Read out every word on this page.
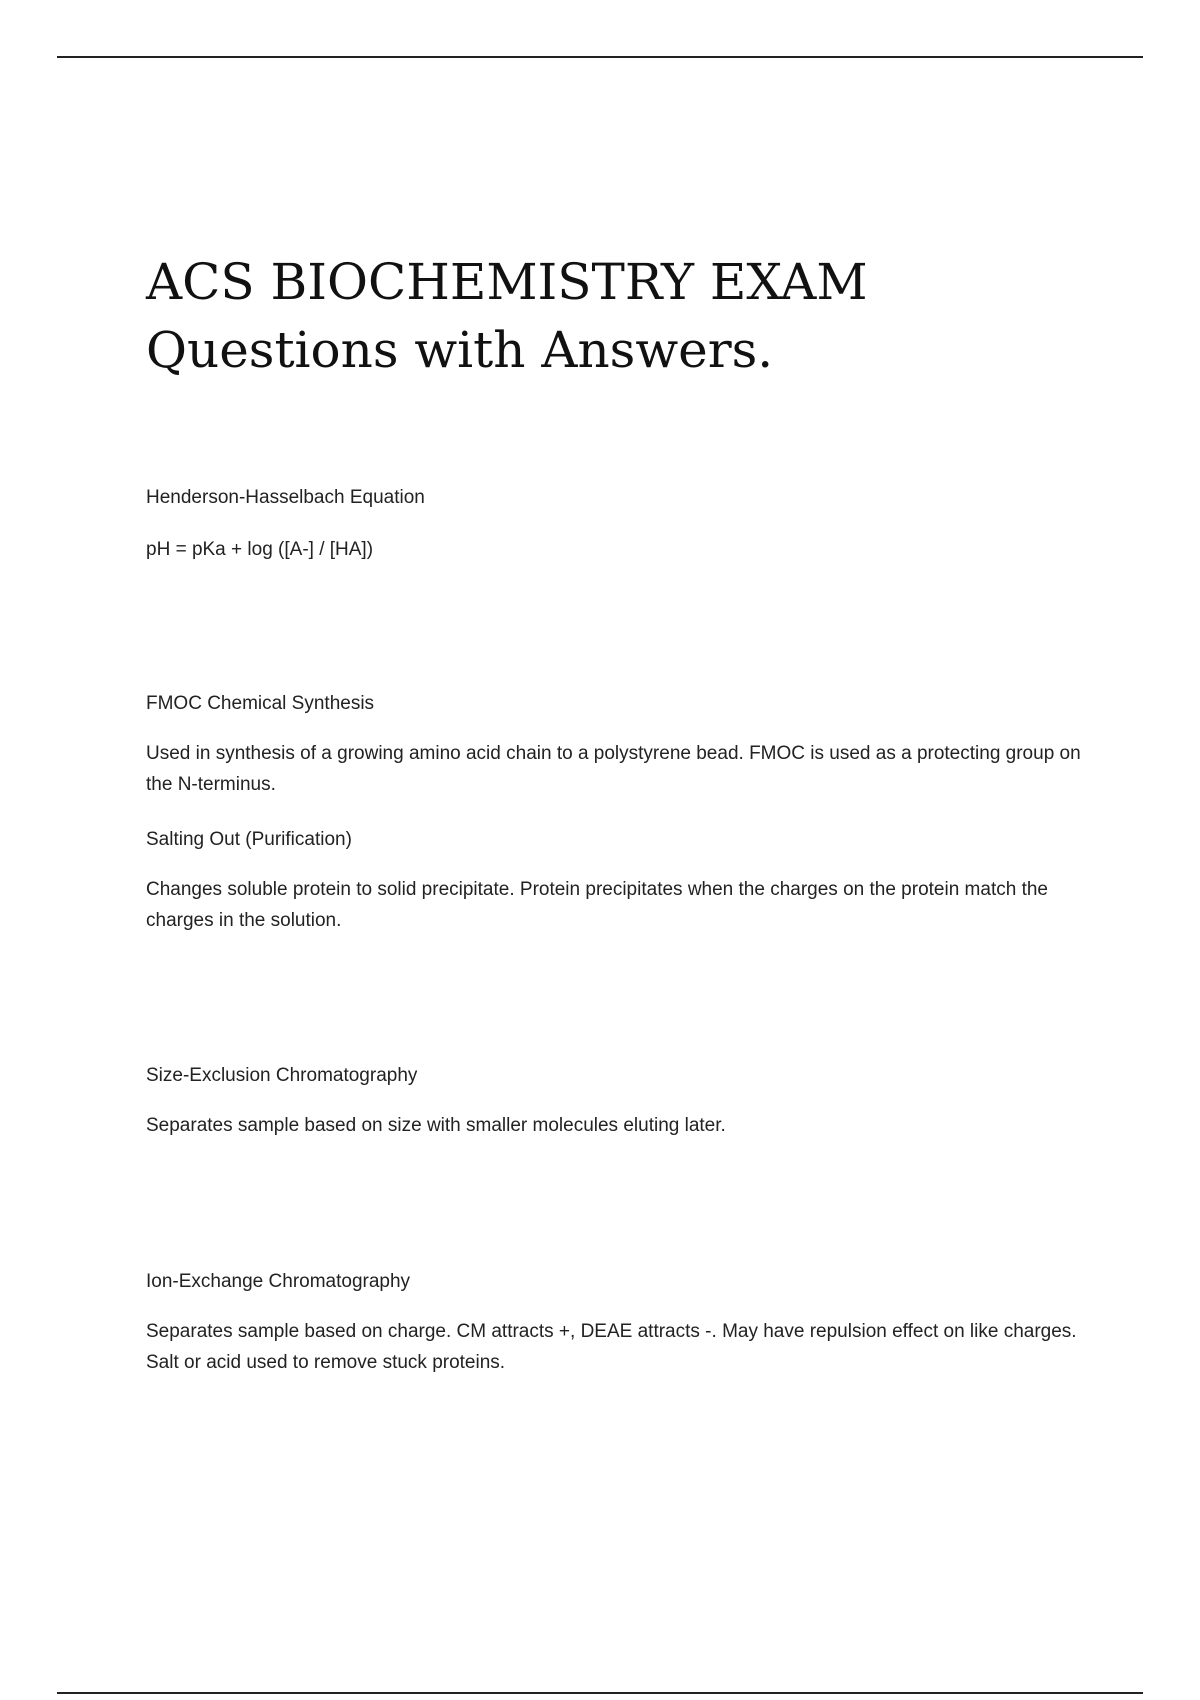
ACS BIOCHEMISTRY EXAM Questions with Answers.

Henderson-Hasselbach Equation

pH = pKa + log ([A-] / [HA])

FMOC Chemical Synthesis

Used in synthesis of a growing amino acid chain to a polystyrene bead. FMOC is used as a protecting group on the N-terminus.

Salting Out (Purification)

Changes soluble protein to solid precipitate. Protein precipitates when the charges on the protein match the charges in the solution.

Size-Exclusion Chromatography

Separates sample based on size with smaller molecules eluting later.

Ion-Exchange Chromatography

Separates sample based on charge. CM attracts +, DEAE attracts -. May have repulsion effect on like charges. Salt or acid used to remove stuck proteins.
